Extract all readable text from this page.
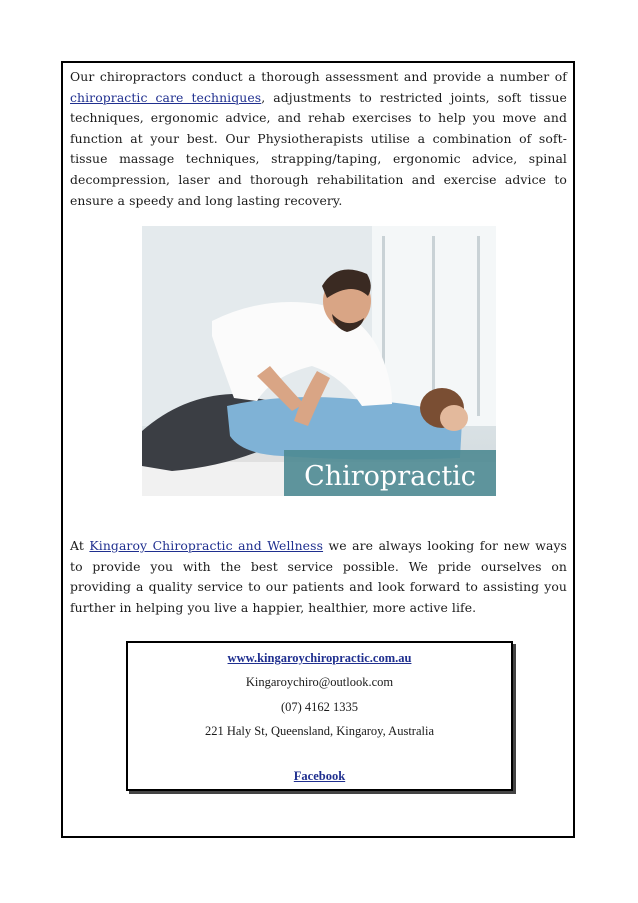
Our chiropractors conduct a thorough assessment and provide a number of chiropractic care techniques, adjustments to restricted joints, soft tissue techniques, ergonomic advice, and rehab exercises to help you move and function at your best. Our Physiotherapists utilise a combination of soft-tissue massage techniques, strapping/taping, ergonomic advice, spinal decompression, laser and thorough rehabilitation and exercise advice to ensure a speedy and long lasting recovery.

Chiropractic

At Kingaroy Chiropractic and Wellness we are always looking for new ways to provide you with the best service possible. We pride ourselves on providing a quality service to our patients and look forward to assisting you further in helping you live a happier, healthier, more active life.

www.kingaroychiropractic.com.au

Kingaroychiro@outlook.com

(07) 4162 1335

221 Haly St, Queensland, Kingaroy, Australia

Facebook
